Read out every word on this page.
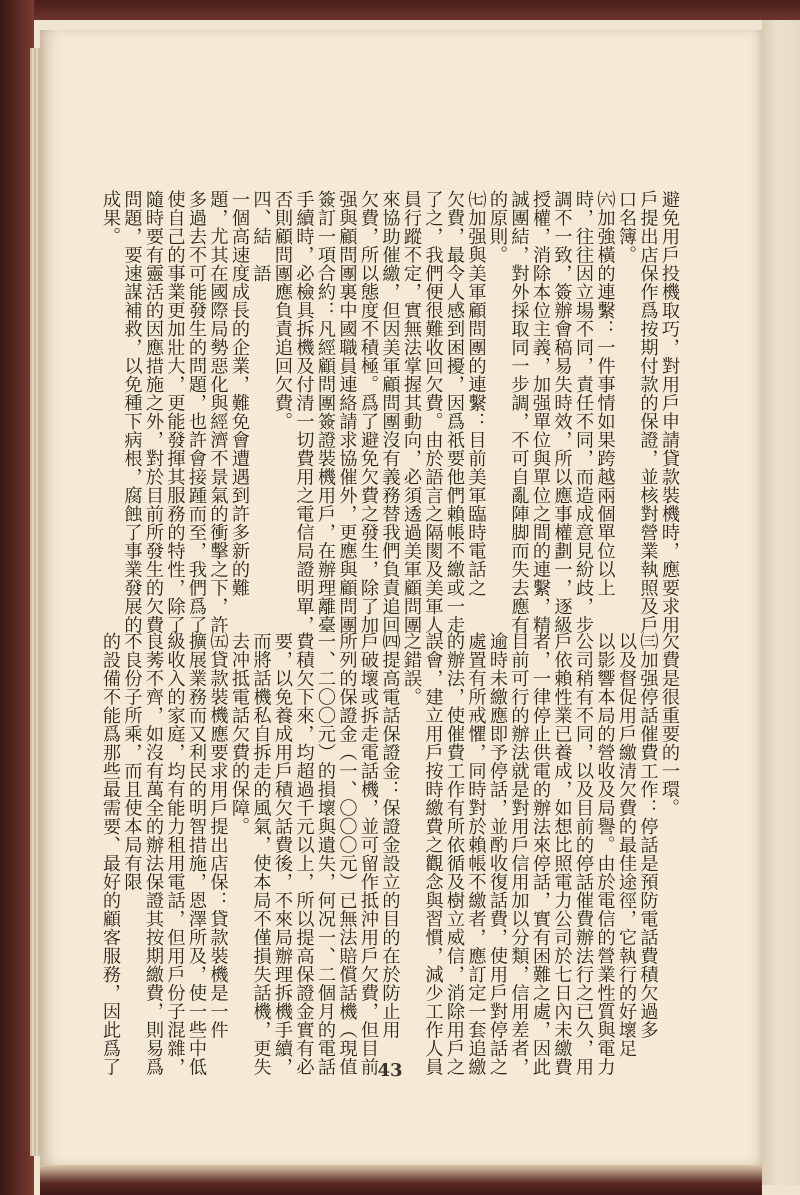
避免用戶投機取巧，對用戶申請貸款裝機時，應要求用
戶提出店保作爲按期付款的保證，並核對營業執照及戶
口名簿。
㈥加強橫的連繫：一件事情如果跨越兩個單位以上
時，往往因立場不同，責任不同，而造成意見紛歧，步
調不一致，簽辦會稿易失時效，所以應事權劃一，逐級
授權，消除本位主義，加强單位與單位之間的連繫，精
誠團結，對外採取同一步調，不可自亂陣脚而失去應有
的原則。
㈦加强與美軍顧問團的連繫：目前美軍臨時電話之
欠費，最令人感到困擾，因爲祇要他們賴帳不繳或一走
了之，我們便很難收回欠費。由於語言之隔閡及美軍人
員行蹤不定，實無法掌握其動向，必須透過美軍顧問團
來協助催繳，但因美軍顧問團沒有義務替我們負責追回
欠費，所以態度不積極。爲了避免欠費之發生，除了加
强與顧問團裏中國職員連絡請求協催外，更應與顧問團
簽訂一項合約：凡經顧問團簽證裝機用戶，在辦理離臺
手續時，必檢具拆機及付清一切費用之電信局證明單，
否則顧問團應負責追回欠費。
四、結　語
一個高速度成長的企業，難免會遭遇到許多新的難
題，尤其在國際局勢惡化與經濟不景氣的衝擊之下，許
多過去不可能發生的問題，也許會接踵而至，我們爲了
使自己的事業更加壯大，更能發揮其服務的特性，除了
隨時要有靈活的因應措施之外，對於目前所發生的欠費
問題，要速謀補救，以免種下病根，腐蝕了事業發展的
成果。
欠費是很重要的一環。
㈢加强停話催費工作：停話是預防電話費積欠過多
以及督促用戶繳清欠費的最佳途徑，它執行的好壞足
以影響本局的營收及局譽。由於電信的營業性質與電力
公司稍有不同，以及目前的停話催費辦法行之已久，用
戶依賴性業已養成，如想比照電力公司於七日內未繳費
者，一律停止供電的辦法來停話，實有困難之處，因此
目前可行的辦法就是對用戶信用加以分類，信用差者，
逾時未繳應即予停話，並酌收復話費，使用戶對停話之
處置有所戒懼，同時對於賴帳不繳者，應訂定一套追繳
的辦法，使催費工作有所依循及樹立威信，消除用戶之
誤會，建立用戶按時繳費之觀念與習慣，減少工作人員
之錯誤。
㈣提高電話保證金：保證金設立的目的在於防止用
戶破壞或拆走電話機，並可留作抵沖用戶欠費，但目前
所列的保證金（一、〇〇〇元）已無法賠償話機（現值
一、二〇〇元）的損壞與遺失，何况一、二個月的電話
費積欠下來，均超過千元以上，所以提高保證金實有必
要，以免養成用戶積欠話費後，不來局辦理拆機手續，
而將話機私自拆走的風氣，使本局不僅損失話機，更失
去冲抵電話欠費的保障。
㈤貸款裝機應要求用戶提出店保：貸款裝機是一件
擴展業務而又利民的明智措施，恩澤所及，使一些中低
級收入的家庭，均有能力租用電話，但用戶份子混雜，
良莠不齊，如沒有萬全的辦法保證其按期繳費，則易爲
不良份子所乘，而且使本局有限
的設備不能爲那些最需要、最好的顧客服務，因此爲了	43
